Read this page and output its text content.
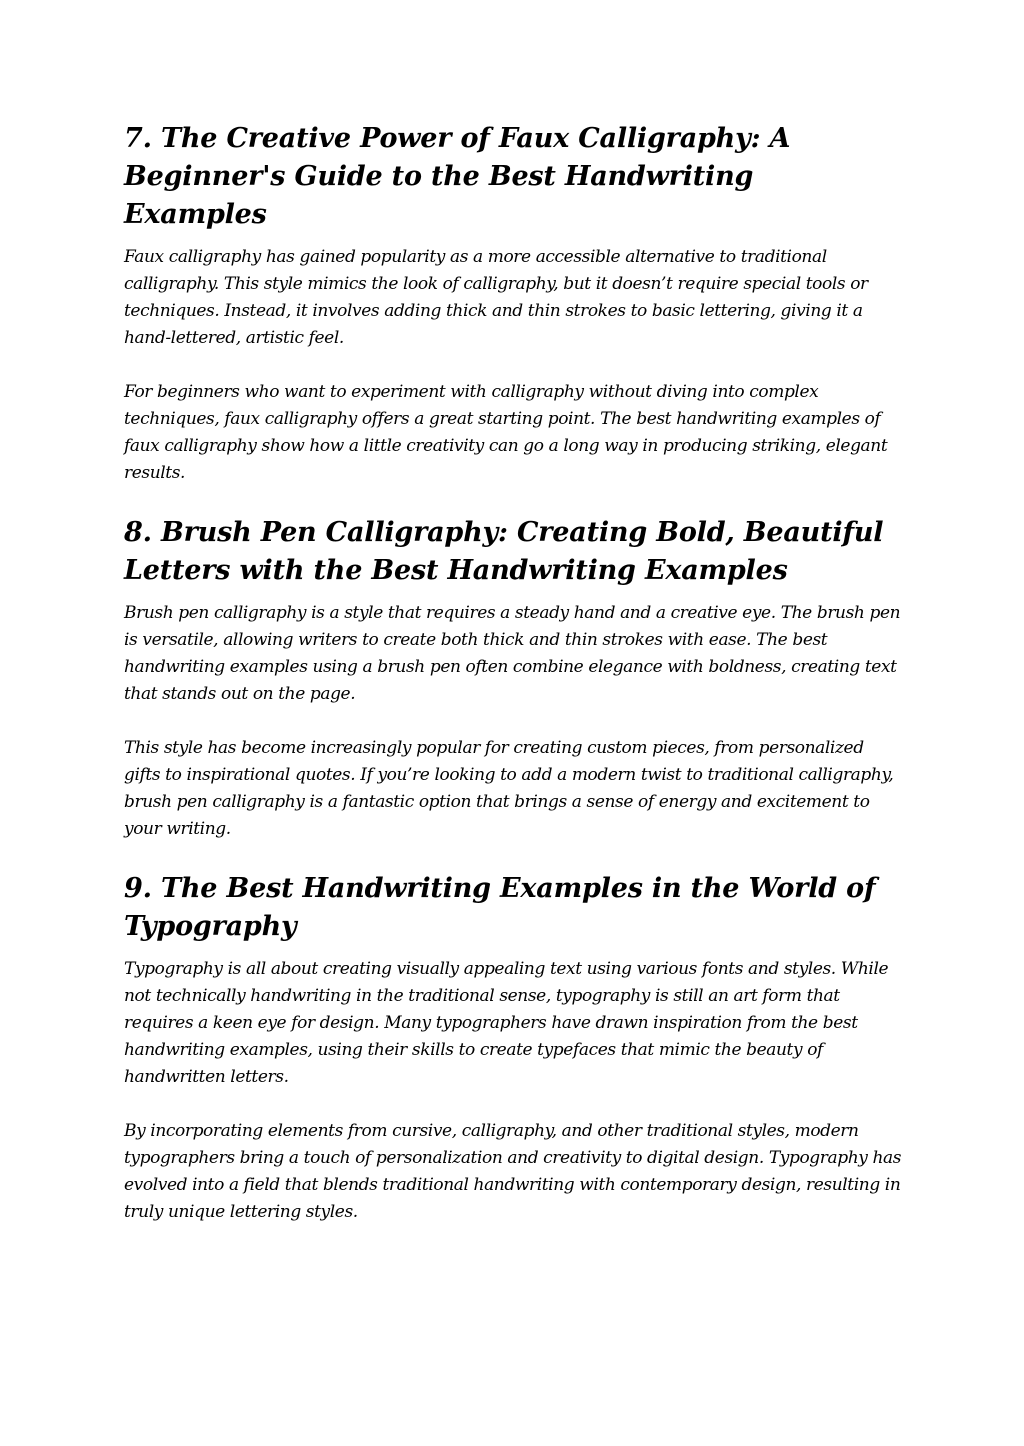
7. The Creative Power of Faux Calligraphy: A Beginner's Guide to the Best Handwriting Examples

Faux calligraphy has gained popularity as a more accessible alternative to traditional calligraphy. This style mimics the look of calligraphy, but it doesn’t require special tools or techniques. Instead, it involves adding thick and thin strokes to basic lettering, giving it a hand-lettered, artistic feel.

For beginners who want to experiment with calligraphy without diving into complex techniques, faux calligraphy offers a great starting point. The best handwriting examples of faux calligraphy show how a little creativity can go a long way in producing striking, elegant results.

8. Brush Pen Calligraphy: Creating Bold, Beautiful Letters with the Best Handwriting Examples

Brush pen calligraphy is a style that requires a steady hand and a creative eye. The brush pen is versatile, allowing writers to create both thick and thin strokes with ease. The best handwriting examples using a brush pen often combine elegance with boldness, creating text that stands out on the page.

This style has become increasingly popular for creating custom pieces, from personalized gifts to inspirational quotes. If you’re looking to add a modern twist to traditional calligraphy, brush pen calligraphy is a fantastic option that brings a sense of energy and excitement to your writing.

9. The Best Handwriting Examples in the World of Typography

Typography is all about creating visually appealing text using various fonts and styles. While not technically handwriting in the traditional sense, typography is still an art form that requires a keen eye for design. Many typographers have drawn inspiration from the best handwriting examples, using their skills to create typefaces that mimic the beauty of handwritten letters.

By incorporating elements from cursive, calligraphy, and other traditional styles, modern typographers bring a touch of personalization and creativity to digital design. Typography has evolved into a field that blends traditional handwriting with contemporary design, resulting in truly unique lettering styles.
